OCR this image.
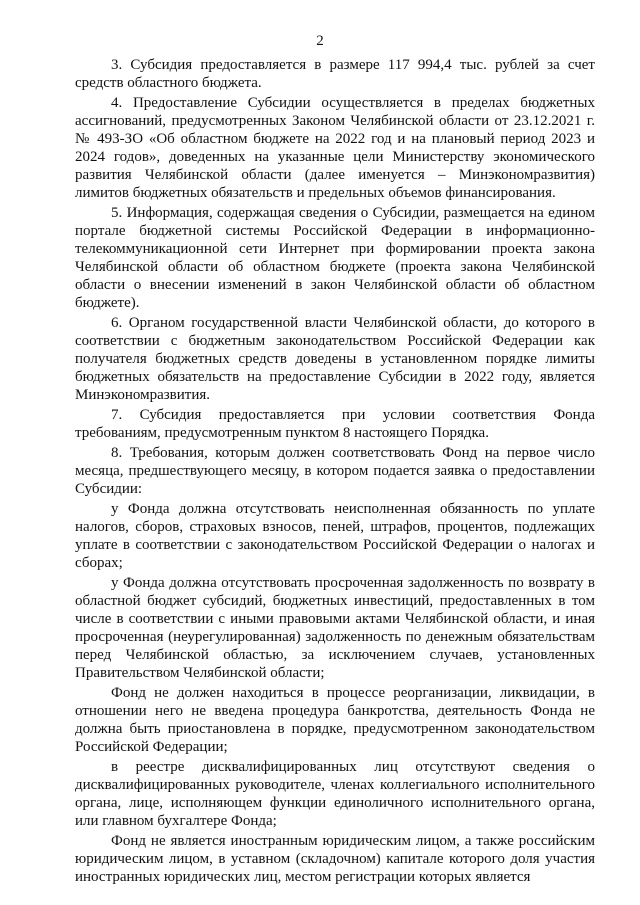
2

3. Субсидия предоставляется в размере 117 994,4 тыс. рублей за счет средств областного бюджета.

4. Предоставление Субсидии осуществляется в пределах бюджетных ассигнований, предусмотренных Законом Челябинской области от 23.12.2021 г. № 493-ЗО «Об областном бюджете на 2022 год и на плановый период 2023 и 2024 годов», доведенных на указанные цели Министерству экономического развития Челябинской области (далее именуется – Минэкономразвития) лимитов бюджетных обязательств и предельных объемов финансирования.

5. Информация, содержащая сведения о Субсидии, размещается на едином портале бюджетной системы Российской Федерации в информационно-телекоммуникационной сети Интернет при формировании проекта закона Челябинской области об областном бюджете (проекта закона Челябинской области о внесении изменений в закон Челябинской области об областном бюджете).

6. Органом государственной власти Челябинской области, до которого в соответствии с бюджетным законодательством Российской Федерации как получателя бюджетных средств доведены в установленном порядке лимиты бюджетных обязательств на предоставление Субсидии в 2022 году, является Минэкономразвития.

7. Субсидия предоставляется при условии соответствия Фонда требованиям, предусмотренным пунктом 8 настоящего Порядка.

8. Требования, которым должен соответствовать Фонд на первое число месяца, предшествующего месяцу, в котором подается заявка о предоставлении Субсидии:

у Фонда должна отсутствовать неисполненная обязанность по уплате налогов, сборов, страховых взносов, пеней, штрафов, процентов, подлежащих уплате в соответствии с законодательством Российской Федерации о налогах и сборах;

у Фонда должна отсутствовать просроченная задолженность по возврату в областной бюджет субсидий, бюджетных инвестиций, предоставленных в том числе в соответствии с иными правовыми актами Челябинской области, и иная просроченная (неурегулированная) задолженность по денежным обязательствам перед Челябинской областью, за исключением случаев, установленных Правительством Челябинской области;

Фонд не должен находиться в процессе реорганизации, ликвидации, в отношении него не введена процедура банкротства, деятельность Фонда не должна быть приостановлена в порядке, предусмотренном законодательством Российской Федерации;

в реестре дисквалифицированных лиц отсутствуют сведения о дисквалифицированных руководителе, членах коллегиального исполнительного органа, лице, исполняющем функции единоличного исполнительного органа, или главном бухгалтере Фонда;

Фонд не является иностранным юридическим лицом, а также российским юридическим лицом, в уставном (складочном) капитале которого доля участия иностранных юридических лиц, местом регистрации которых является
